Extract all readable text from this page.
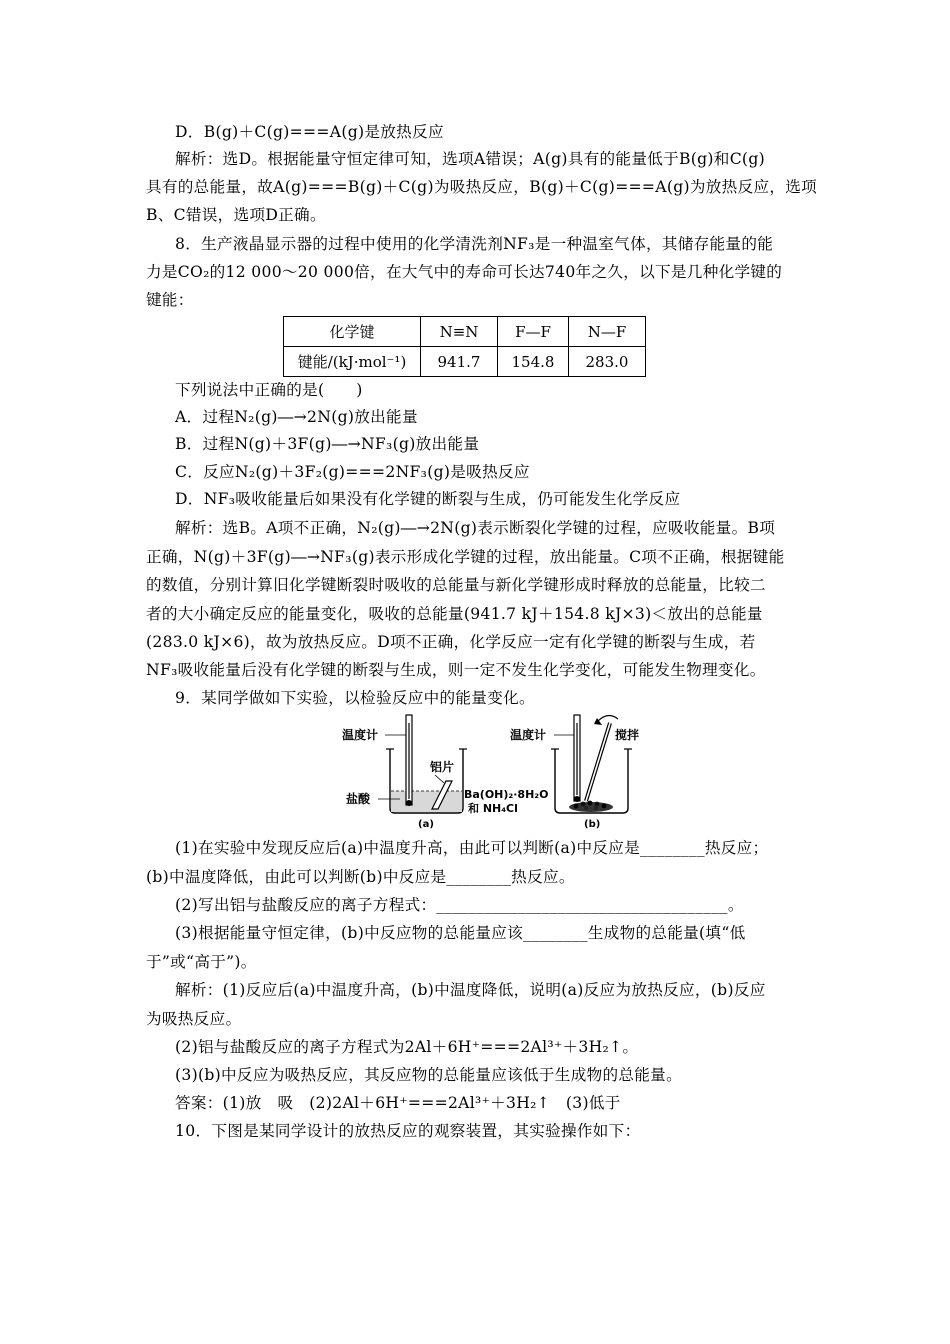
D．B(g)＋C(g)===A(g)是放热反应
解析：选D。根据能量守恒定律可知，选项A错误；A(g)具有的能量低于B(g)和C(g)
具有的总能量，故A(g)===B(g)＋C(g)为吸热反应，B(g)＋C(g)===A(g)为放热反应，选项
B、C错误，选项D正确。
8．生产液晶显示器的过程中使用的化学清洗剂NF₃是一种温室气体，其储存能量的能
力是CO₂的12 000～20 000倍，在大气中的寿命可长达740年之久，以下是几种化学键的
键能：
化学键	N≡N	F—F	N—F
键能/(kJ·mol⁻¹)	941.7	154.8	283.0
下列说法中正确的是(　　)
A．过程N₂(g)―→2N(g)放出能量
B．过程N(g)＋3F(g)―→NF₃(g)放出能量
C．反应N₂(g)＋3F₂(g)===2NF₃(g)是吸热反应
D．NF₃吸收能量后如果没有化学键的断裂与生成，仍可能发生化学反应
解析：选B。A项不正确，N₂(g)―→2N(g)表示断裂化学键的过程，应吸收能量。B项
正确，N(g)＋3F(g)―→NF₃(g)表示形成化学键的过程，放出能量。C项不正确，根据键能
的数值，分别计算旧化学键断裂时吸收的总能量与新化学键形成时释放的总能量，比较二
者的大小确定反应的能量变化，吸收的总能量(941.7 kJ＋154.8 kJ×3)＜放出的总能量
(283.0 kJ×6)，故为放热反应。D项不正确，化学反应一定有化学键的断裂与生成，若
NF₃吸收能量后没有化学键的断裂与生成，则一定不发生化学变化，可能发生物理变化。
9．某同学做如下实验，以检验反应中的能量变化。
温度计
铝片
盐酸
(a)
温度计	搅拌
Ba(OH)₂·8H₂O
和 NH₄Cl
(b)
(1)在实验中发现反应后(a)中温度升高，由此可以判断(a)中反应是________热反应；
(b)中温度降低，由此可以判断(b)中反应是________热反应。
(2)写出铝与盐酸反应的离子方程式：____________________________________。
(3)根据能量守恒定律，(b)中反应物的总能量应该________生成物的总能量(填“低
于”或“高于”)。
解析：(1)反应后(a)中温度升高，(b)中温度降低，说明(a)反应为放热反应，(b)反应
为吸热反应。
(2)铝与盐酸反应的离子方程式为2Al＋6H⁺===2Al³⁺＋3H₂↑。
(3)(b)中反应为吸热反应，其反应物的总能量应该低于生成物的总能量。
答案：(1)放　吸　(2)2Al＋6H⁺===2Al³⁺＋3H₂↑　(3)低于
10．下图是某同学设计的放热反应的观察装置，其实验操作如下：
